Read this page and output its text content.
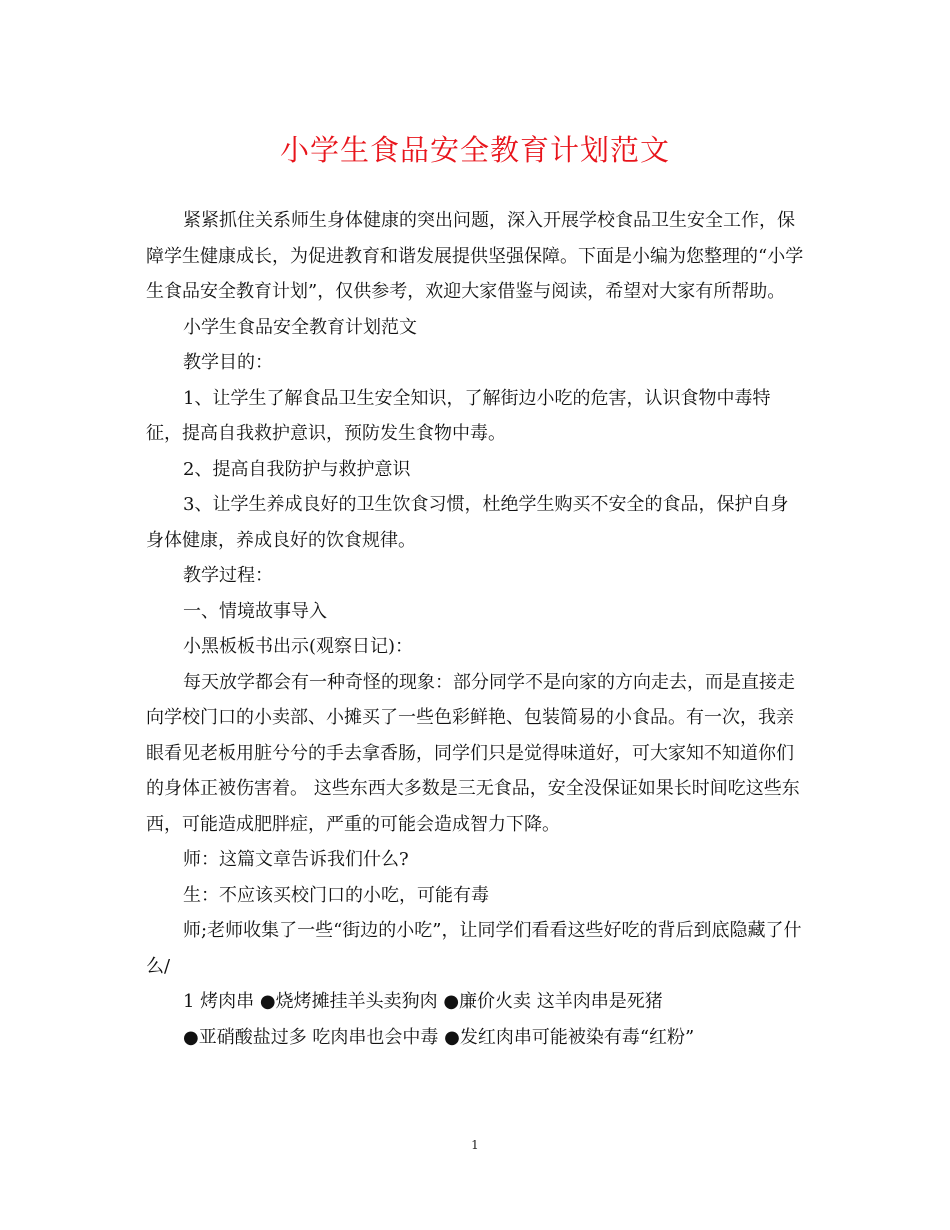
小学生食品安全教育计划范文

紧紧抓住关系师生身体健康的突出问题，深入开展学校食品卫生安全工作，保障学生健康成长，为促进教育和谐发展提供坚强保障。下面是小编为您整理的“小学生食品安全教育计划”，仅供参考，欢迎大家借鉴与阅读，希望对大家有所帮助。

小学生食品安全教育计划范文

教学目的：

1、让学生了解食品卫生安全知识，了解街边小吃的危害，认识食物中毒特征，提高自我救护意识，预防发生食物中毒。

2、提高自我防护与救护意识

3、让学生养成良好的卫生饮食习惯，杜绝学生购买不安全的食品，保护自身身体健康，养成良好的饮食规律。

教学过程：

一、情境故事导入

小黑板板书出示(观察日记)：

每天放学都会有一种奇怪的现象：部分同学不是向家的方向走去，而是直接走向学校门口的小卖部、小摊买了一些色彩鲜艳、包装简易的小食品。有一次，我亲眼看见老板用脏兮兮的手去拿香肠，同学们只是觉得味道好，可大家知不知道你们的身体正被伤害着。 这些东西大多数是三无食品，安全没保证如果长时间吃这些东西，可能造成肥胖症，严重的可能会造成智力下降。

师：这篇文章告诉我们什么?

生：不应该买校门口的小吃，可能有毒

师;老师收集了一些“街边的小吃”，让同学们看看这些好吃的背后到底隐藏了什么/

1 烤肉串 ●烧烤摊挂羊头卖狗肉 ●廉价火卖 这羊肉串是死猪

●亚硝酸盐过多 吃肉串也会中毒 ●发红肉串可能被染有毒“红粉”

1
